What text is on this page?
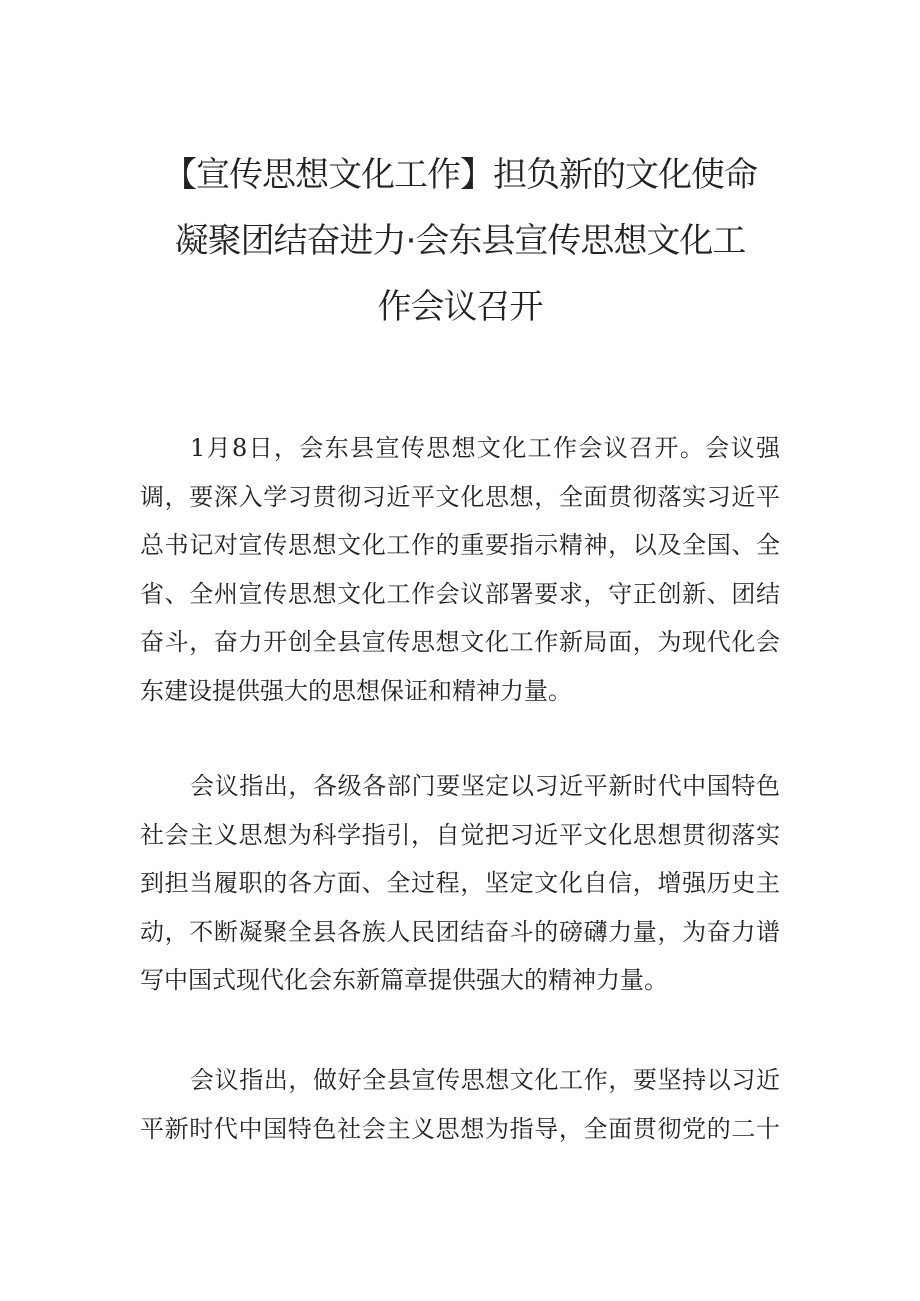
【宣传思想文化工作】担负新的文化使命
凝聚团结奋进力·会东县宣传思想文化工
作会议召开
1月8日，会东县宣传思想文化工作会议召开。会议强
调，要深入学习贯彻习近平文化思想，全面贯彻落实习近平
总书记对宣传思想文化工作的重要指示精神，以及全国、全
省、全州宣传思想文化工作会议部署要求，守正创新、团结
奋斗，奋力开创全县宣传思想文化工作新局面，为现代化会
东建设提供强大的思想保证和精神力量。
会议指出，各级各部门要坚定以习近平新时代中国特色
社会主义思想为科学指引，自觉把习近平文化思想贯彻落实
到担当履职的各方面、全过程，坚定文化自信，增强历史主
动，不断凝聚全县各族人民团结奋斗的磅礴力量，为奋力谱
写中国式现代化会东新篇章提供强大的精神力量。
会议指出，做好全县宣传思想文化工作，要坚持以习近
平新时代中国特色社会主义思想为指导，全面贯彻党的二十
